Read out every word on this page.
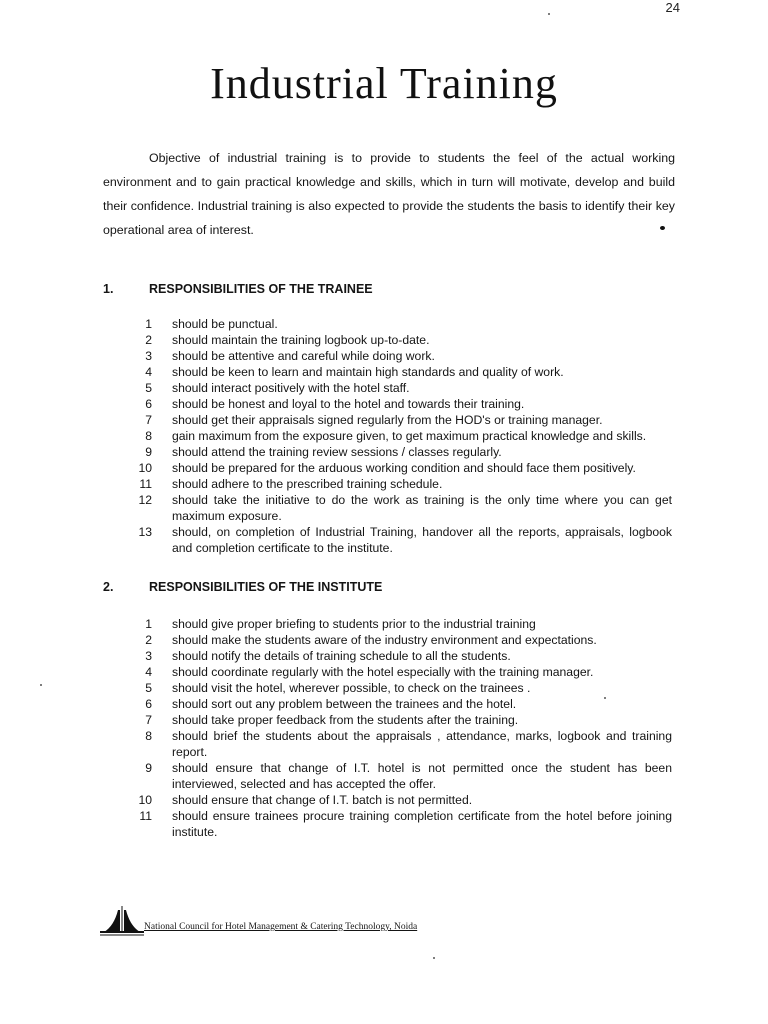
24
Industrial Training

Objective of industrial training is to provide to students the feel of the actual working environment and to gain practical knowledge and skills, which in turn will motivate, develop and build their confidence. Industrial training is also expected to provide the students the basis to identify their key operational area of interest.

1.	RESPONSIBILITIES OF THE TRAINEE
1	should be punctual.
2	should maintain the training logbook up-to-date.
3	should be attentive and careful while doing work.
4	should be keen to learn and maintain high standards and quality of work.
5	should interact positively with the hotel staff.
6	should be honest and loyal to the hotel and towards their training.
7	should get their appraisals signed regularly from the HOD's or training manager.
8	gain maximum from the exposure given, to get maximum practical knowledge and skills.
9	should attend the training review sessions / classes regularly.
10	should be prepared for the arduous working condition and should face them positively.
11	should adhere to the prescribed training schedule.
12	should take the initiative to do the work as training is the only time where you can get maximum exposure.
13	should, on completion of Industrial Training, handover all the reports, appraisals, logbook and completion certificate to the institute.
2.	RESPONSIBILITIES OF THE INSTITUTE
1	should give proper briefing to students prior to the industrial training
2	should make the students aware of the industry environment and expectations.
3	should notify the details of training schedule to all the students.
4	should coordinate regularly with the hotel especially with the training manager.
5	should visit the hotel, wherever possible, to check on the trainees .
6	should sort out any problem between the trainees and the hotel.
7	should take proper feedback from the students after the training.
8	should brief the students about the appraisals , attendance, marks, logbook and training report.
9	should ensure that change of I.T. hotel is not permitted once the student has been interviewed, selected and has accepted the offer.
10	should ensure that change of I.T. batch is not permitted.
11	should ensure trainees procure training completion certificate from the hotel before joining institute.
National Council for Hotel Management & Catering Technology, Noida
